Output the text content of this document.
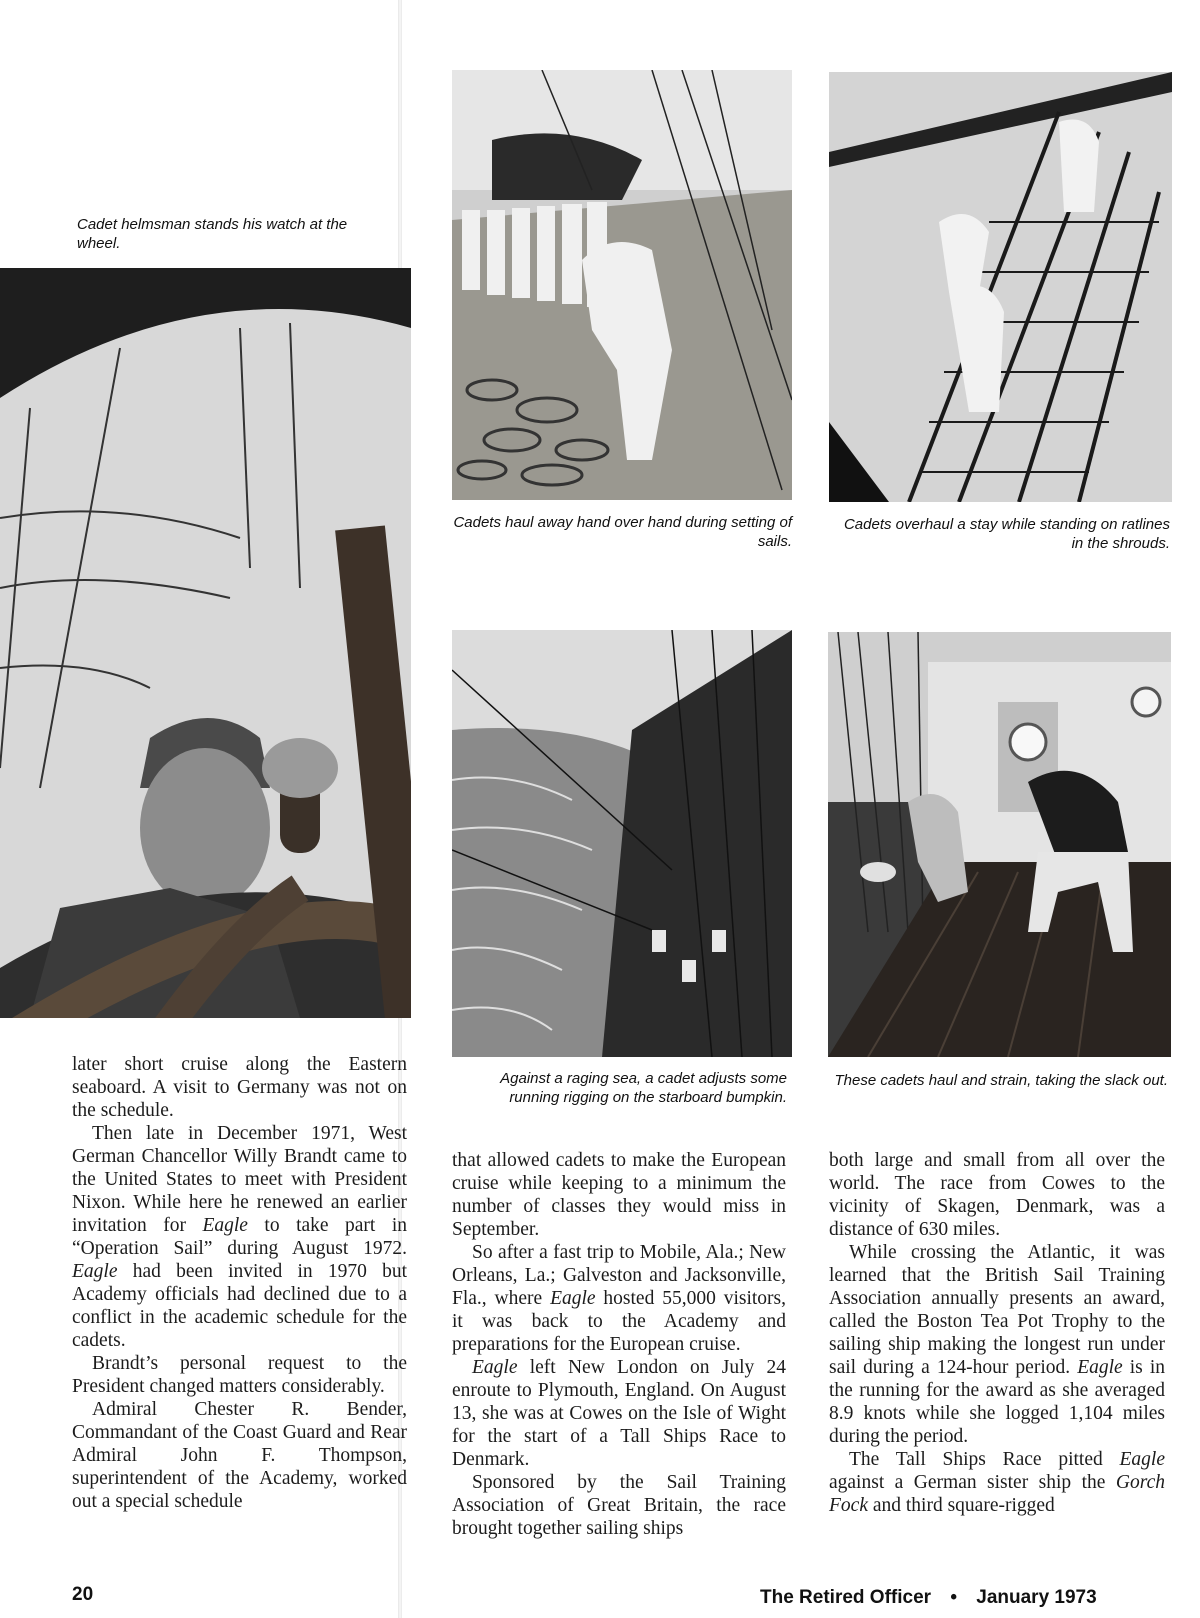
Cadet helmsman stands his watch at the wheel.
Cadets haul away hand over hand during setting of sails.
Cadets overhaul a stay while standing on ratlines in the shrouds.
Against a raging sea, a cadet adjusts some running rigging on the starboard bumpkin.
These cadets haul and strain, taking the slack out.

later short cruise along the Eastern seaboard. A visit to Germany was not on the schedule.

Then late in December 1971, West German Chancellor Willy Brandt came to the United States to meet with President Nixon. While here he renewed an earlier invitation for Eagle to take part in “Operation Sail” during August 1972. Eagle had been invited in 1970 but Academy officials had declined due to a conflict in the academic schedule for the cadets.

Brandt’s personal request to the President changed matters considerably.

Admiral Chester R. Bender, Commandant of the Coast Guard and Rear Admiral John F. Thompson, superintendent of the Academy, worked out a special schedule

that allowed cadets to make the European cruise while keeping to a minimum the number of classes they would miss in September.

So after a fast trip to Mobile, Ala.; New Orleans, La.; Galveston and Jacksonville, Fla., where Eagle hosted 55,000 visitors, it was back to the Academy and preparations for the European cruise.

Eagle left New London on July 24 enroute to Plymouth, England. On August 13, she was at Cowes on the Isle of Wight for the start of a Tall Ships Race to Denmark.

Sponsored by the Sail Training Association of Great Britain, the race brought together sailing ships

both large and small from all over the world. The race from Cowes to the vicinity of Skagen, Denmark, was a distance of 630 miles.

While crossing the Atlantic, it was learned that the British Sail Training Association annually presents an award, called the Boston Tea Pot Trophy to the sailing ship making the longest run under sail during a 124-hour period. Eagle is in the running for the award as she averaged 8.9 knots while she logged 1,104 miles during the period.

The Tall Ships Race pitted Eagle against a German sister ship the Gorch Fock and third square-rigged

20	The Retired Officer • January 1973
